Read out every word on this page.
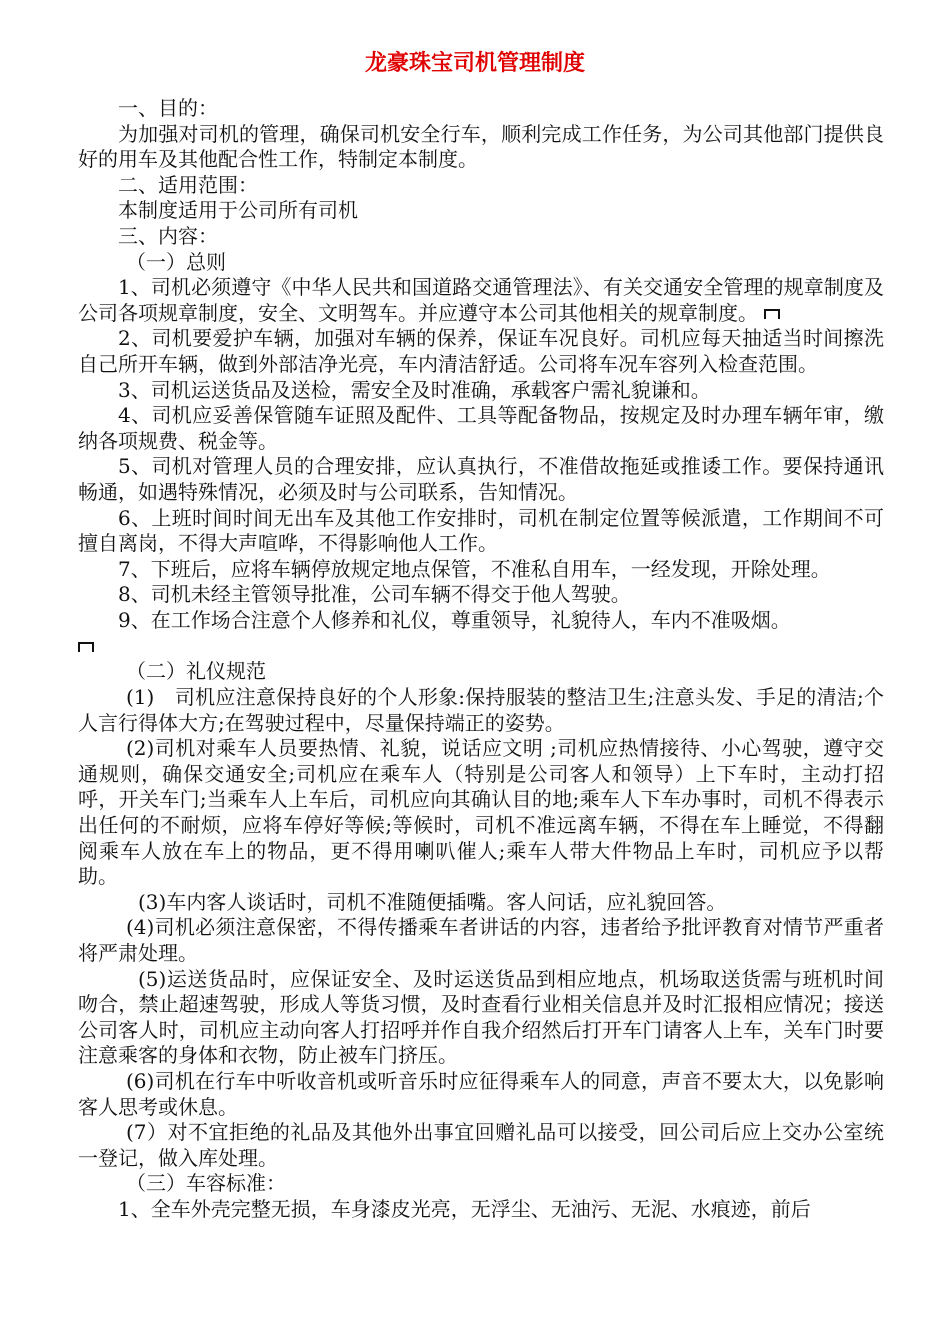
龙豪珠宝司机管理制度

一、目的：

为加强对司机的管理，确保司机安全行车，顺利完成工作任务，为公司其他部门提供良好的用车及其他配合性工作，特制定本制度。

二、适用范围：

本制度适用于公司所有司机

三、内容：

（一）总则

1、司机必须遵守《中华人民共和国道路交通管理法》、有关交通安全管理的规章制度及公司各项规章制度，安全、文明驾车。并应遵守本公司其他相关的规章制度。

2、司机要爱护车辆，加强对车辆的保养，保证车况良好。司机应每天抽适当时间擦洗自己所开车辆，做到外部洁净光亮，车内清洁舒适。公司将车况车容列入检查范围。

3、司机运送货品及送检，需安全及时准确，承载客户需礼貌谦和。

4、司机应妥善保管随车证照及配件、工具等配备物品，按规定及时办理车辆年审，缴纳各项规费、税金等。

5、司机对管理人员的合理安排，应认真执行，不准借故拖延或推诿工作。要保持通讯畅通，如遇特殊情况，必须及时与公司联系，告知情况。

6、上班时间时间无出车及其他工作安排时，司机在制定位置等候派遣，工作期间不可擅自离岗，不得大声喧哗，不得影响他人工作。

7、下班后，应将车辆停放规定地点保管，不准私自用车，一经发现，开除处理。

8、司机未经主管领导批准，公司车辆不得交于他人驾驶。

9、在工作场合注意个人修养和礼仪，尊重领导，礼貌待人，车内不准吸烟。

（二）礼仪规范

(1)　司机应注意保持良好的个人形象:保持服装的整洁卫生;注意头发、手足的清洁;个人言行得体大方;在驾驶过程中，尽量保持端正的姿势。

(2)司机对乘车人员要热情、礼貌，说话应文明 ;司机应热情接待、小心驾驶，遵守交通规则，确保交通安全;司机应在乘车人（特别是公司客人和领导）上下车时，主动打招呼，开关车门;当乘车人上车后，司机应向其确认目的地;乘车人下车办事时，司机不得表示出任何的不耐烦，应将车停好等候;等候时，司机不准远离车辆，不得在车上睡觉，不得翻阅乘车人放在车上的物品，更不得用喇叭催人;乘车人带大件物品上车时，司机应予以帮助。

(3)车内客人谈话时，司机不准随便插嘴。客人问话，应礼貌回答。

(4)司机必须注意保密，不得传播乘车者讲话的内容，违者给予批评教育对情节严重者将严肃处理。

(5)运送货品时，应保证安全、及时运送货品到相应地点，机场取送货需与班机时间吻合，禁止超速驾驶，形成人等货习惯，及时查看行业相关信息并及时汇报相应情况；接送公司客人时，司机应主动向客人打招呼并作自我介绍然后打开车门请客人上车，关车门时要注意乘客的身体和衣物，防止被车门挤压。

(6)司机在行车中听收音机或听音乐时应征得乘车人的同意，声音不要太大，以免影响客人思考或休息。

(7）对不宜拒绝的礼品及其他外出事宜回赠礼品可以接受，回公司后应上交办公室统一登记，做入库处理。

（三）车容标准：

1、全车外壳完整无损，车身漆皮光亮，无浮尘、无油污、无泥、水痕迹，前后
